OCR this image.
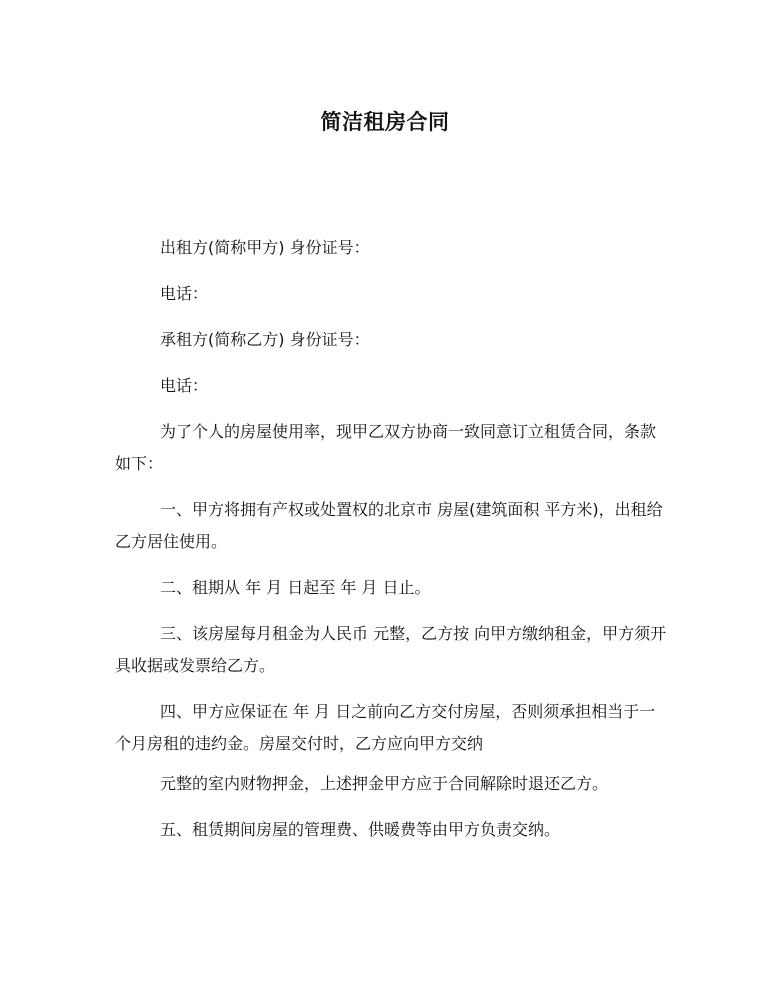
简洁租房合同
出租方(简称甲方) 身份证号：
电话：
承租方(简称乙方) 身份证号：
电话：
为了个人的房屋使用率，现甲乙双方协商一致同意订立租赁合同，条款如下：
一、甲方将拥有产权或处置权的北京市 房屋(建筑面积 平方米)，出租给乙方居住使用。
二、租期从 年 月 日起至 年 月 日止。
三、该房屋每月租金为人民币 元整，乙方按 向甲方缴纳租金，甲方须开具收据或发票给乙方。
四、甲方应保证在 年 月 日之前向乙方交付房屋，否则须承担相当于一个月房租的违约金。房屋交付时，乙方应向甲方交纳
元整的室内财物押金，上述押金甲方应于合同解除时退还乙方。
五、租赁期间房屋的管理费、供暖费等由甲方负责交纳。
